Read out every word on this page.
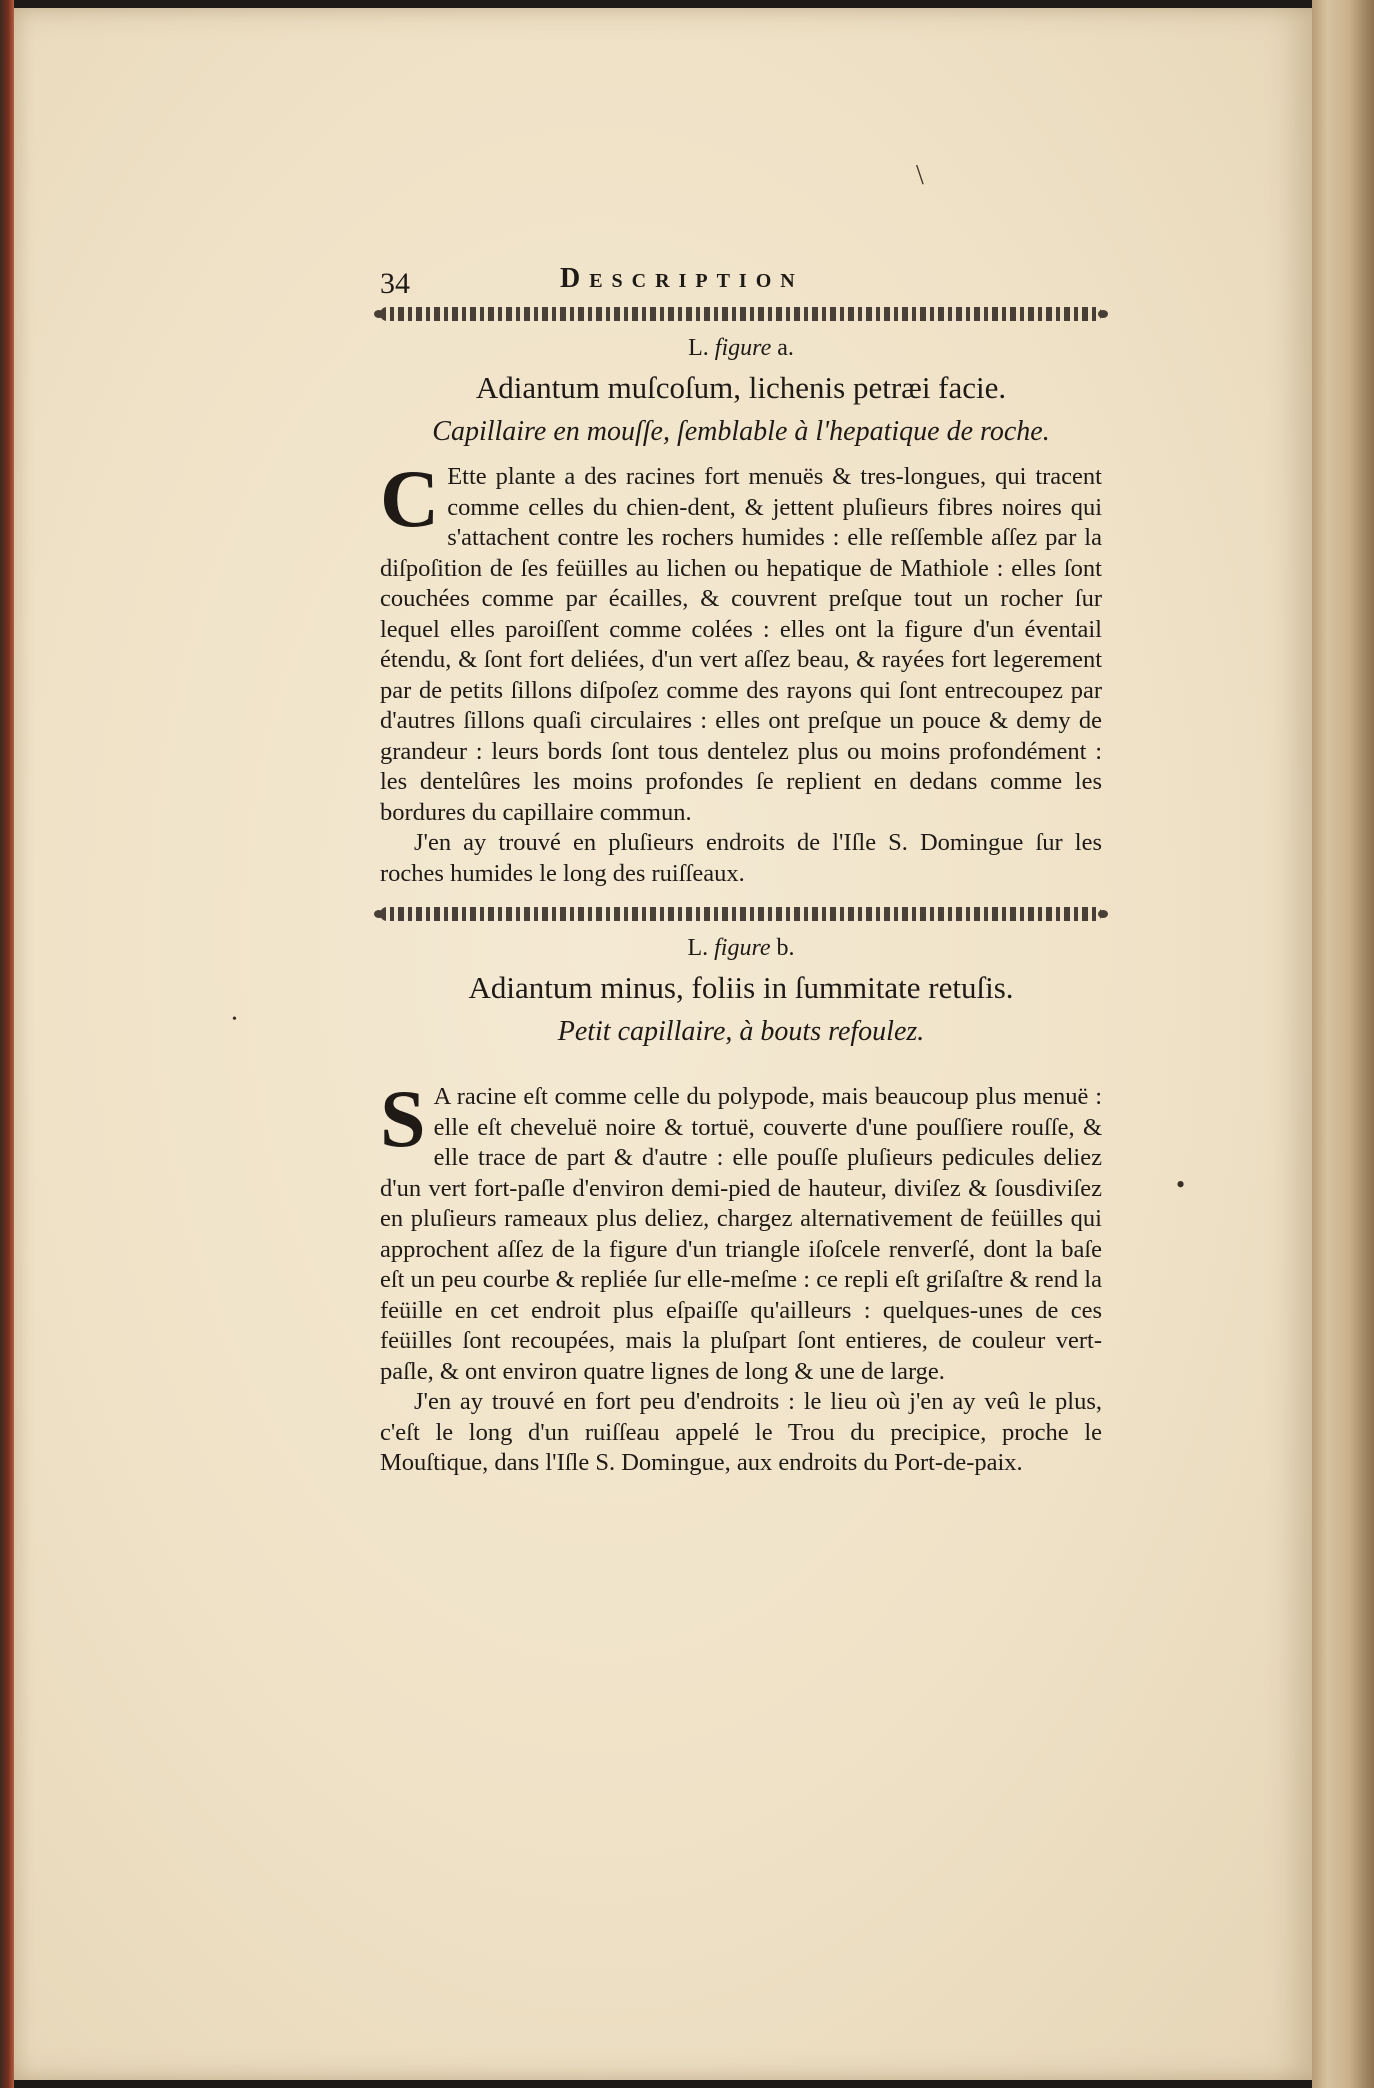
34	Description
L. figure a.
Adiantum muſcoſum, lichenis petræi facie.
Capillaire en mouſſe, ſemblable à l'hepatique de roche.

C Ette plante a des racines fort menuës & tres-longues, qui tracent comme celles du chien-dent, & jettent pluſieurs fibres noires qui s'attachent contre les rochers humides : elle reſſemble aſſez par la diſpoſition de ſes feüilles au lichen ou hepatique de Mathiole : elles ſont couchées comme par écailles, & couvrent preſque tout un rocher ſur lequel elles paroiſſent comme colées : elles ont la figure d'un éventail étendu, & ſont fort deliées, d'un vert aſſez beau, & rayées fort legerement par de petits ſillons diſpoſez comme des rayons qui ſont entrecoupez par d'autres ſillons quaſi circulaires : elles ont preſque un pouce & demy de grandeur : leurs bords ſont tous dentelez plus ou moins profondément : les dentelûres les moins profondes ſe replient en dedans comme les bordures du capillaire commun.

J'en ay trouvé en pluſieurs endroits de l'Iſle S. Domingue ſur les roches humides le long des ruiſſeaux.

L. figure b.
Adiantum minus, foliis in ſummitate retuſis.
Petit capillaire, à bouts refoulez.

S A racine eſt comme celle du polypode, mais beaucoup plus menuë : elle eſt cheveluë noire & tortuë, couverte d'une pouſſiere rouſſe, & elle trace de part & d'autre : elle pouſſe pluſieurs pedicules deliez d'un vert fort-paſle d'environ demi-pied de hauteur, diviſez & ſousdiviſez en pluſieurs rameaux plus deliez, chargez alternativement de feüilles qui approchent aſſez de la figure d'un triangle iſoſcele renverſé, dont la baſe eſt un peu courbe & repliée ſur elle-meſme : ce repli eſt griſaſtre & rend la feüille en cet endroit plus eſpaiſſe qu'ailleurs : quelques-unes de ces feüilles ſont recoupées, mais la pluſpart ſont entieres, de couleur vert-paſle, & ont environ quatre lignes de long & une de large.

J'en ay trouvé en fort peu d'endroits : le lieu où j'en ay veû le plus, c'eſt le long d'un ruiſſeau appelé le Trou du precipice, proche le Mouſtique, dans l'Iſle S. Domingue, aux endroits du Port-de-paix.

\
•
•
